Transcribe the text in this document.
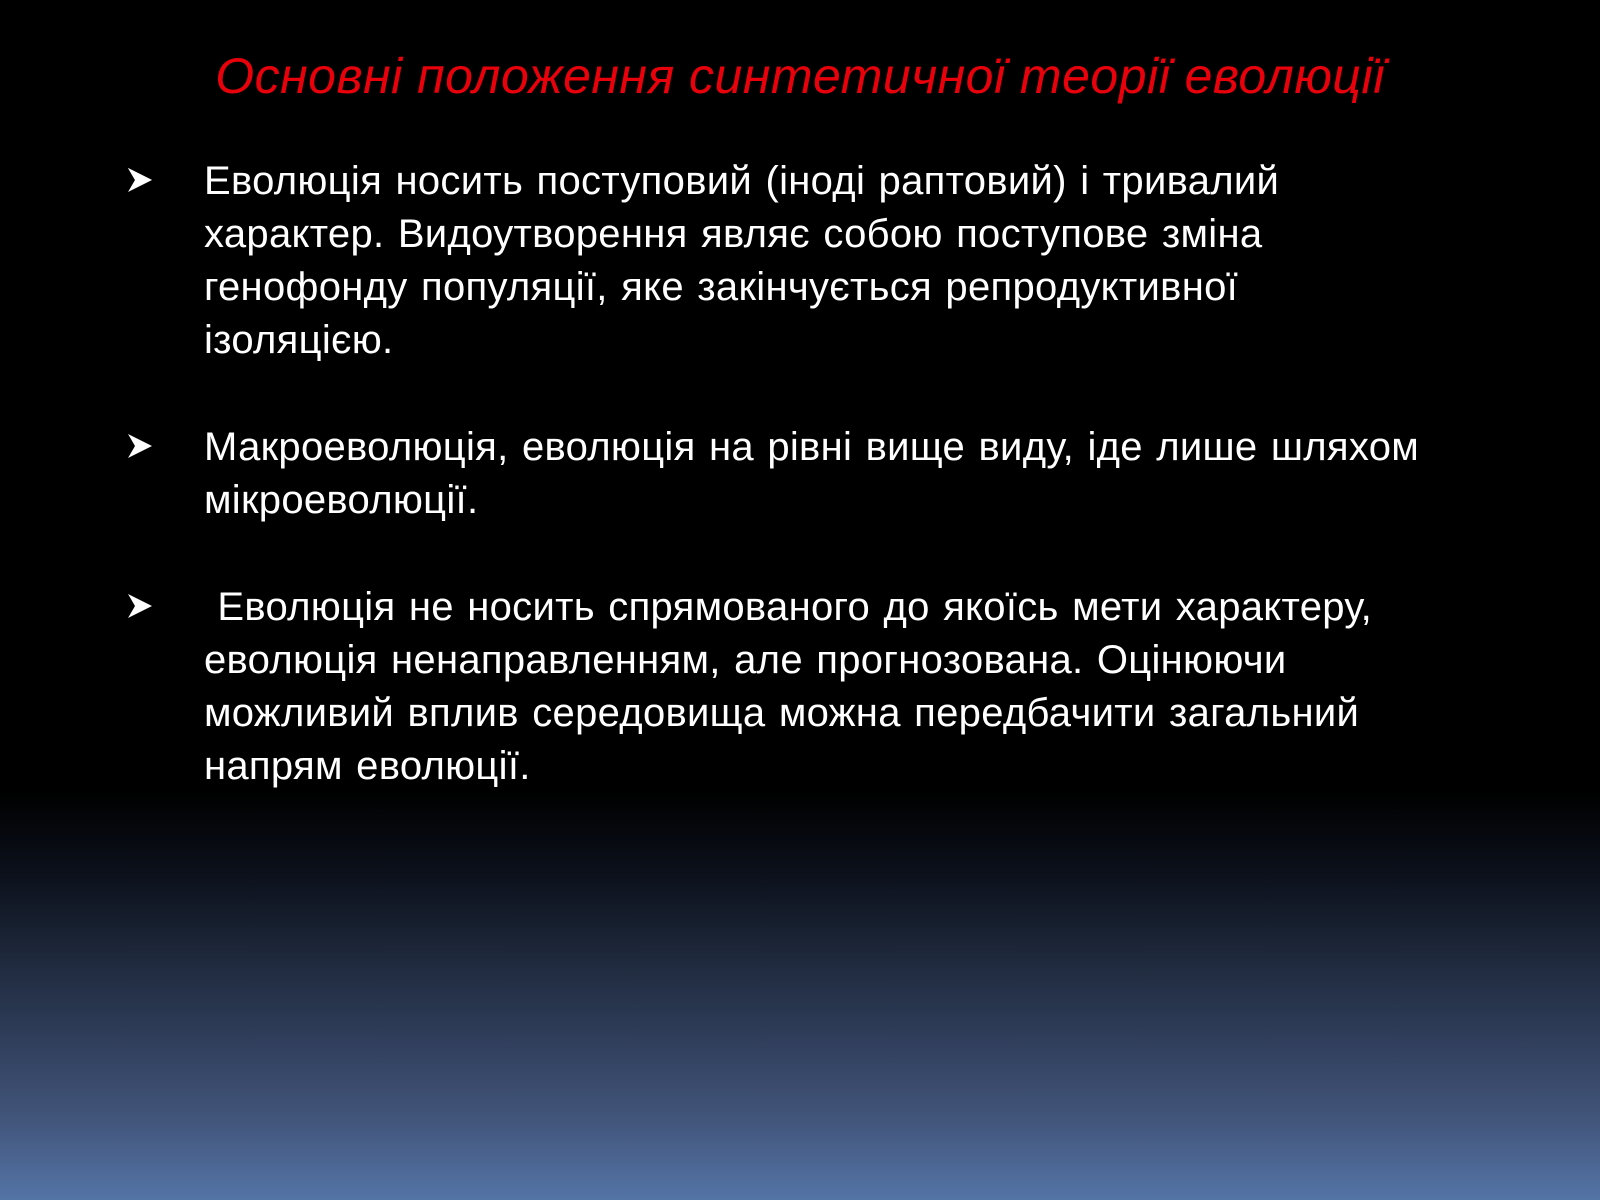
Основні положення синтетичної теорії еволюції
Еволюція носить поступовий (іноді раптовий) і тривалий
характер. Видоутворення являє собою поступове зміна
генофонду популяції, яке закінчується репродуктивної
ізоляцією.
Макроеволюція, еволюція на рівні вище виду, іде лише шляхом
мікроеволюції.
Еволюція не носить спрямованого до якоїсь мети характеру,
еволюція ненаправленням, але прогнозована. Оцінюючи
можливий вплив середовища можна передбачити загальний
напрям еволюції.
